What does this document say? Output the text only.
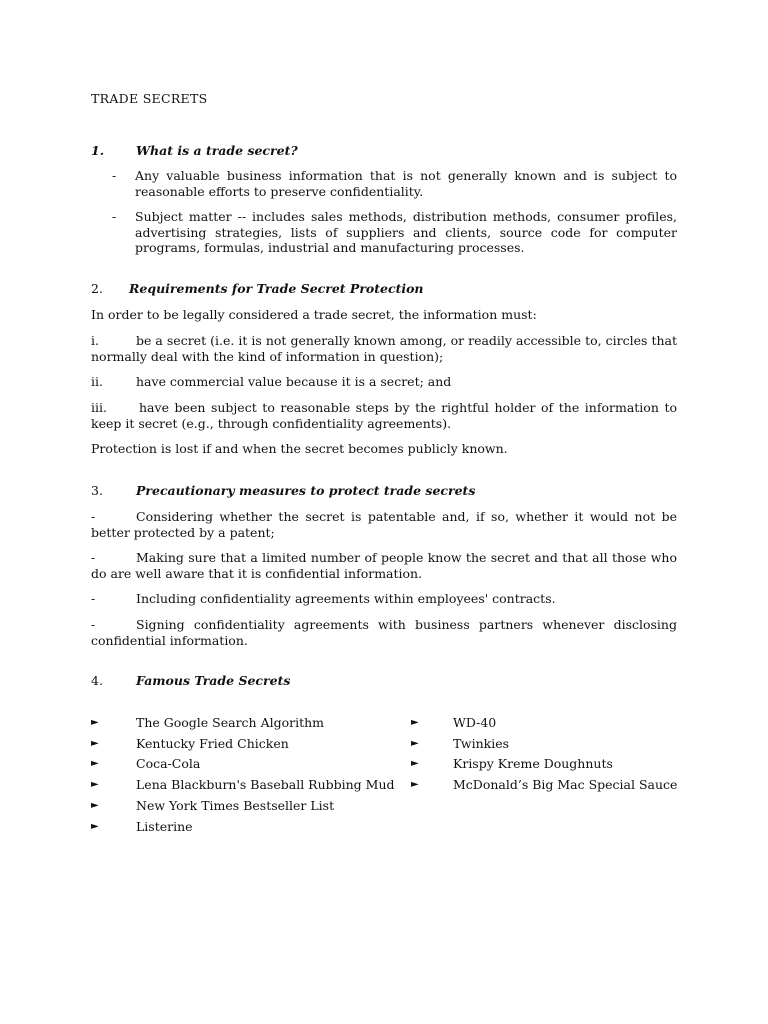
TRADE SECRETS
1.	What is a trade secret?
- Any valuable business information that is not generally known and is subject to reasonable efforts to preserve confidentiality.
- Subject matter -- includes sales methods, distribution methods, consumer profiles, advertising strategies, lists of suppliers and clients, source code for computer programs, formulas, industrial and manufacturing processes.
2. Requirements for Trade Secret Protection
In order to be legally considered a trade secret, the information must:
i.	be a secret (i.e. it is not generally known among, or readily accessible to, circles that normally deal with the kind of information in question);
ii.	have commercial value because it is a secret; and
iii.	have been subject to reasonable steps by the rightful holder of the information to keep it secret (e.g., through confidentiality agreements).
Protection is lost if and when the secret becomes publicly known.
3.	Precautionary measures to protect trade secrets
-	Considering whether the secret is patentable and, if so, whether it would not be better protected by a patent;
-	Making sure that a limited number of people know the secret and that all those who do are well aware that it is confidential information.
-	Including confidentiality agreements within employees' contracts.
-	Signing confidentiality agreements with business partners whenever disclosing confidential information.
4.	Famous Trade Secrets
►	The Google Search Algorithm
►	Kentucky Fried Chicken
►	Coca-Cola
►	Lena Blackburn's Baseball Rubbing Mud
►	New York Times Bestseller List
►	Listerine
►	WD-40
►	Twinkies
►	Krispy Kreme Doughnuts
►	McDonald’s Big Mac Special Sauce
